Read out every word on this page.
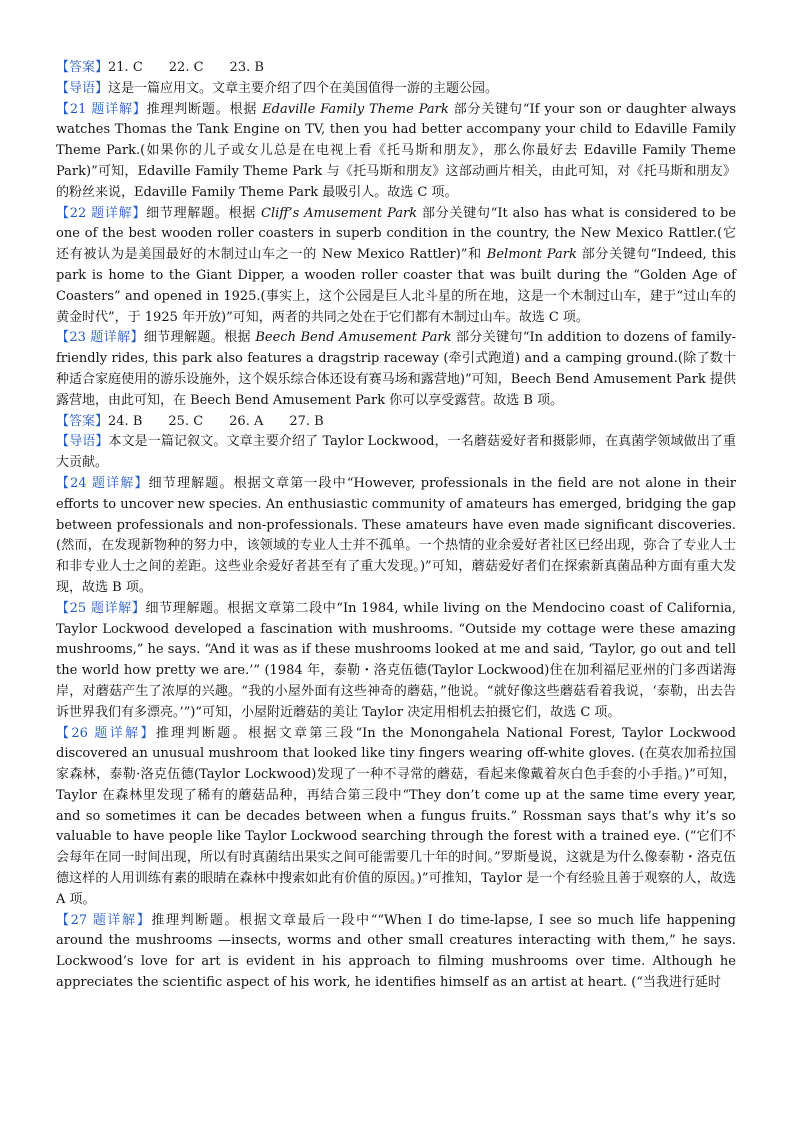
【答案】21. C 22. C 23. B

【导语】这是一篇应用文。文章主要介绍了四个在美国值得一游的主题公园。

【21 题详解】推理判断题。根据 Edaville Family Theme Park 部分关键句“If your son or daughter always watches Thomas the Tank Engine on TV, then you had better accompany your child to Edaville Family Theme Park.(如果你的儿子或女儿总是在电视上看《托马斯和朋友》，那么你最好去 Edaville Family Theme Park)”可知，Edaville Family Theme Park 与《托马斯和朋友》这部动画片相关，由此可知，对《托马斯和朋友》的粉丝来说，Edaville Family Theme Park 最吸引人。故选 C 项。

【22 题详解】细节理解题。根据 Cliff’s Amusement Park 部分关键句“It also has what is considered to be one of the best wooden roller coasters in superb condition in the country, the New Mexico Rattler.(它还有被认为是美国最好的木制过山车之一的 New Mexico Rattler)”和 Belmont Park 部分关键句“Indeed, this park is home to the Giant Dipper, a wooden roller coaster that was built during the “Golden Age of Coasters” and opened in 1925.(事实上，这个公园是巨人北斗星的所在地，这是一个木制过山车，建于“过山车的黄金时代”，于 1925 年开放)”可知，两者的共同之处在于它们都有木制过山车。故选 C 项。

【23 题详解】细节理解题。根据 Beech Bend Amusement Park 部分关键句“In addition to dozens of family-friendly rides, this park also features a dragstrip raceway (牵引式跑道) and a camping ground.(除了数十种适合家庭使用的游乐设施外，这个娱乐综合体还设有赛马场和露营地)”可知，Beech Bend Amusement Park 提供露营地，由此可知，在 Beech Bend Amusement Park 你可以享受露营。故选 B 项。

【答案】24. B 25. C 26. A 27. B

【导语】本文是一篇记叙文。文章主要介绍了 Taylor Lockwood，一名蘑菇爱好者和摄影师，在真菌学领域做出了重大贡献。

【24 题详解】细节理解题。根据文章第一段中“However, professionals in the field are not alone in their efforts to uncover new species. An enthusiastic community of amateurs has emerged, bridging the gap between professionals and non-professionals. These amateurs have even made significant discoveries.(然而，在发现新物种的努力中，该领域的专业人士并不孤单。一个热情的业余爱好者社区已经出现，弥合了专业人士和非专业人士之间的差距。这些业余爱好者甚至有了重大发现。)”可知，蘑菇爱好者们在探索新真菌品种方面有重大发现，故选 B 项。

【25 题详解】细节理解题。根据文章第二段中“In 1984, while living on the Mendocino coast of California, Taylor Lockwood developed a fascination with mushrooms. “Outside my cottage were these amazing mushrooms,” he says. “And it was as if these mushrooms looked at me and said, ‘Taylor, go out and tell the world how pretty we are.’” (1984 年，泰勒・洛克伍德(Taylor Lockwood)住在加利福尼亚州的门多西诺海岸，对蘑菇产生了浓厚的兴趣。“我的小屋外面有这些神奇的蘑菇，”他说。“就好像这些蘑菇看着我说，‘泰勒，出去告诉世界我们有多漂亮。’”)”可知，小屋附近蘑菇的美让 Taylor 决定用相机去拍摄它们，故选 C 项。

【26 题详解】推理判断题。根据文章第三段“In the Monongahela National Forest, Taylor Lockwood discovered an unusual mushroom that looked like tiny fingers wearing off-white gloves. (在莫农加希拉国家森林，泰勒·洛克伍德(Taylor Lockwood)发现了一种不寻常的蘑菇，看起来像戴着灰白色手套的小手指。)”可知，Taylor 在森林里发现了稀有的蘑菇品种，再结合第三段中“They don’t come up at the same time every year, and so sometimes it can be decades between when a fungus fruits.” Rossman says that’s why it’s so valuable to have people like Taylor Lockwood searching through the forest with a trained eye. (“它们不会每年在同一时间出现，所以有时真菌结出果实之间可能需要几十年的时间。”罗斯曼说，这就是为什么像泰勒・洛克伍德这样的人用训练有素的眼睛在森林中搜索如此有价值的原因。)”可推知，Taylor 是一个有经验且善于观察的人，故选 A 项。

【27 题详解】推理判断题。根据文章最后一段中““When I do time-lapse, I see so much life happening around the mushrooms —insects, worms and other small creatures interacting with them,” he says. Lockwood’s love for art is evident in his approach to filming mushrooms over time. Although he appreciates the scientific aspect of his work, he identifies himself as an artist at heart. (“当我进行延时
